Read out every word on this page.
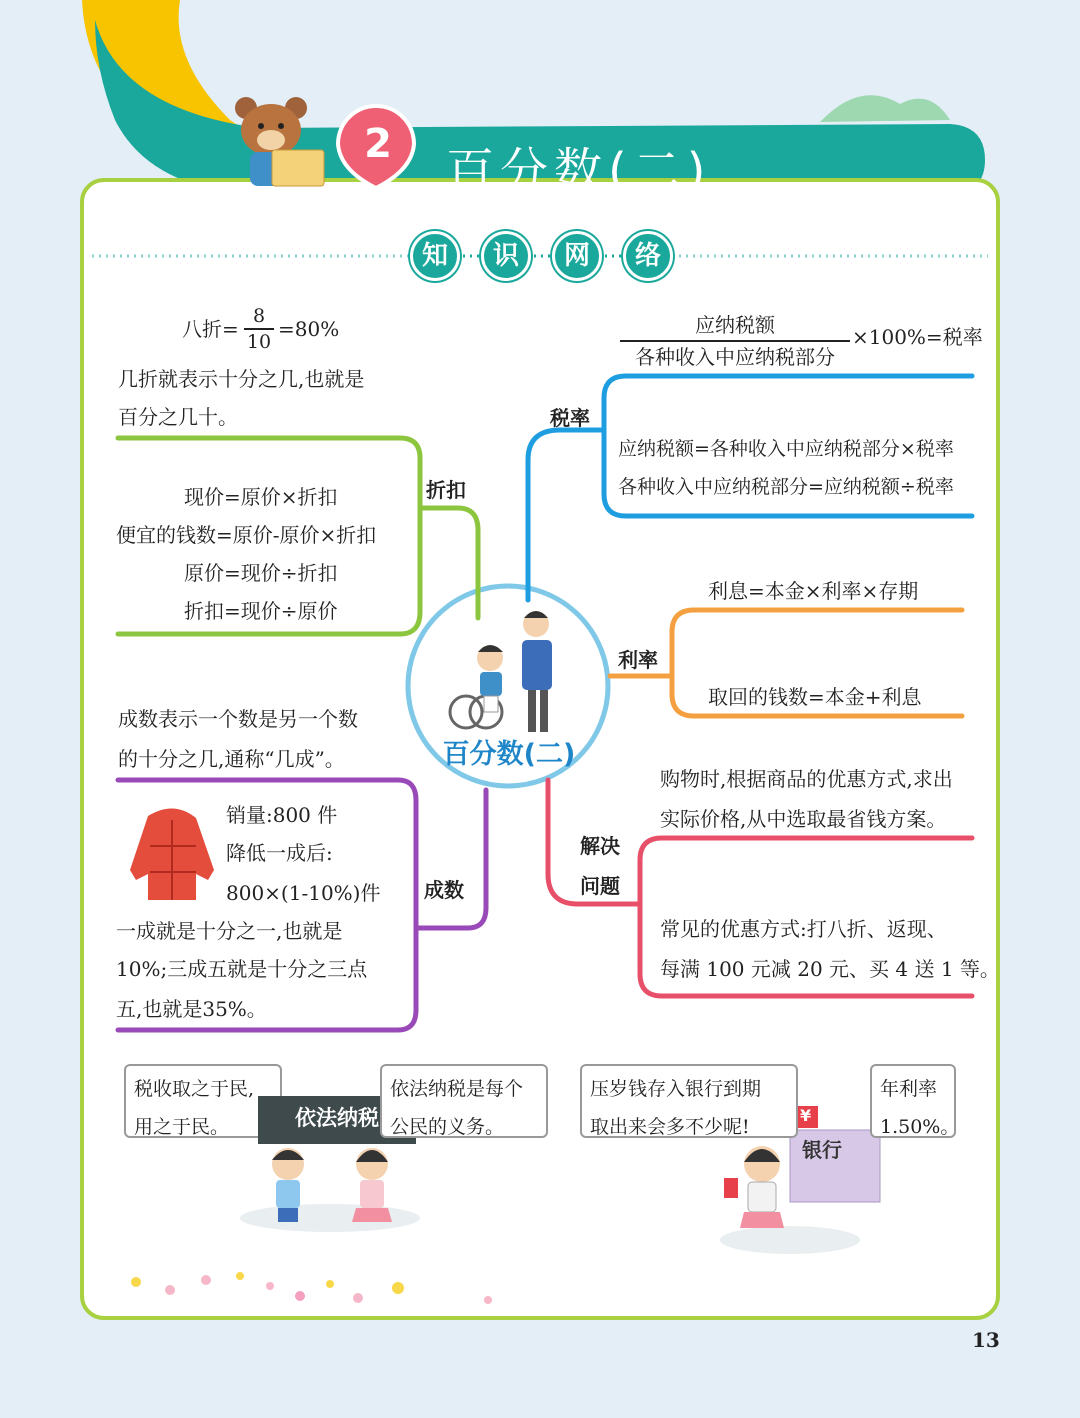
2 百分数(二)
知	识	网	络
百分数(二)
折扣
八折= $\frac{8}{10} =80\%$
几折就表示十分之几,也就是
百分之几十。
现价=原价×折扣
便宜的钱数=原价-原价×折扣
原价=现价÷折扣
折扣=现价÷原价
成数
成数表示一个数是另一个数
的十分之几,通称“几成”。
销量:800 件
降低一成后:
800×(1-10%)件
一成就是十分之一,也就是
10%;三成五就是十分之三点
五,也就是35%。
税率
应纳税额
各种收入中应纳税部分
×100%=税率
应纳税额=各种收入中应纳税部分×税率
各种收入中应纳税部分=应纳税额÷税率
利率
利息=本金×利率×存期
取回的钱数=本金+利息
解决
问题
购物时,根据商品的优惠方式,求出
实际价格,从中选取最省钱方案。
常见的优惠方式:打八折、返现、
每满 100 元减 20 元、买 4 送 1 等。
税收取之于民,
用之于民。	依法纳税
依法纳税是每个
公民的义务。
压岁钱存入银行到期
取出来会多不少呢!
年利率
1.50%。
¥
银行
13
